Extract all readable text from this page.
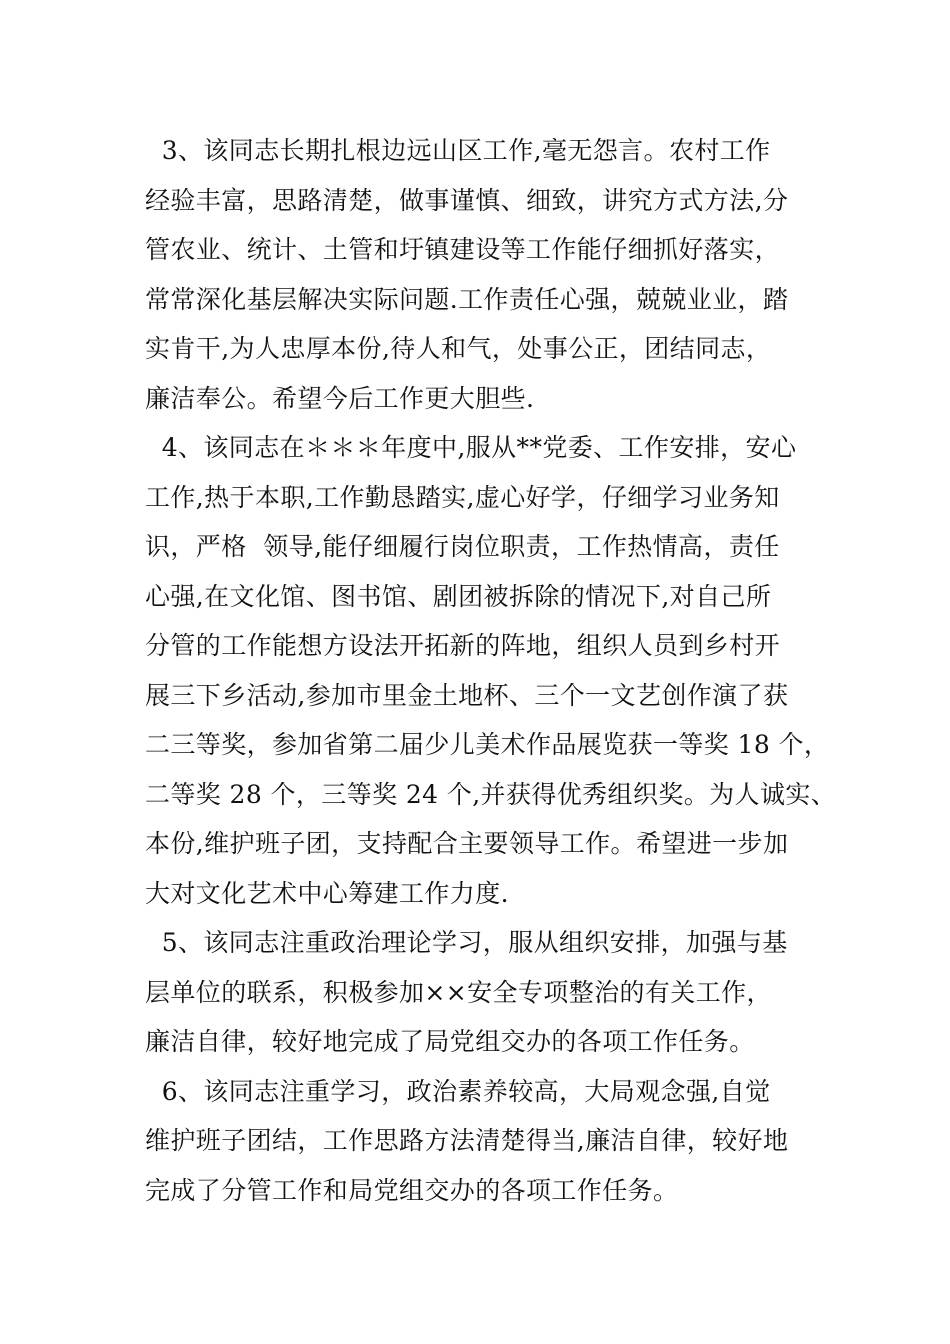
3、该同志长期扎根边远山区工作,毫无怨言。农村工作
经验丰富，思路清楚，做事谨慎、细致，讲究方式方法,分
管农业、统计、土管和圩镇建设等工作能仔细抓好落实，
常常深化基层解决实际问题.工作责任心强，兢兢业业，踏
实肯干,为人忠厚本份,待人和气，处事公正，团结同志，
廉洁奉公。希望今后工作更大胆些.
4、该同志在＊＊＊年度中,服从**党委、工作安排，安心
工作,热于本职,工作勤恳踏实,虚心好学，仔细学习业务知
识，严格  领导,能仔细履行岗位职责，工作热情高，责任
心强,在文化馆、图书馆、剧团被拆除的情况下,对自己所
分管的工作能想方设法开拓新的阵地，组织人员到乡村开
展三下乡活动,参加市里金土地杯、三个一文艺创作演了获
二三等奖，参加省第二届少儿美术作品展览获一等奖 18 个，
二等奖 28 个，三等奖 24 个,并获得优秀组织奖。为人诚实、
本份,维护班子团，支持配合主要领导工作。希望进一步加
大对文化艺术中心筹建工作力度.
5、该同志注重政治理论学习，服从组织安排，加强与基
层单位的联系，积极参加××安全专项整治的有关工作，
廉洁自律，较好地完成了局党组交办的各项工作任务。
6、该同志注重学习，政治素养较高，大局观念强,自觉
维护班子团结，工作思路方法清楚得当,廉洁自律，较好地
完成了分管工作和局党组交办的各项工作任务。
